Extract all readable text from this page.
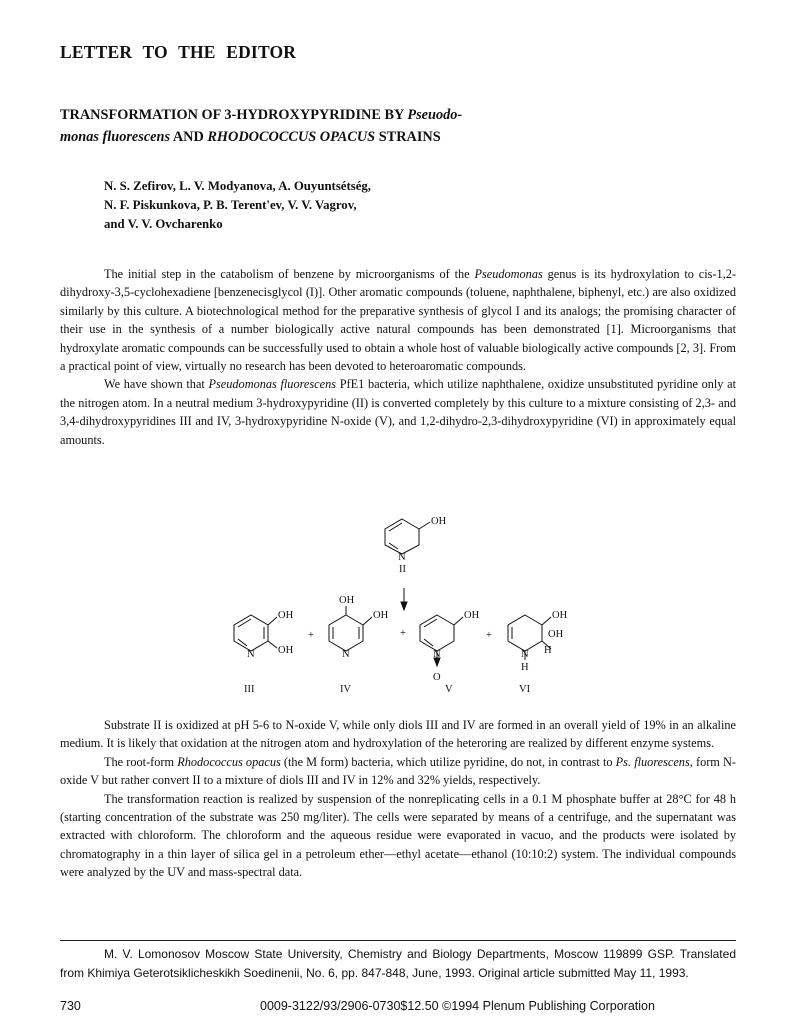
LETTER TO THE EDITOR
TRANSFORMATION OF 3-HYDROXYPYRIDINE BY Pseuodo-
monas fluorescens AND RHODOCOCCUS OPACUS STRAINS
N. S. Zefirov, L. V. Modyanova, A. Ouyuntsétség,
N. F. Piskunkova, P. B. Terent'ev, V. V. Vagrov,
and V. V. Ovcharenko

The initial step in the catabolism of benzene by microorganisms of the Pseudomonas genus is its hydroxylation to cis-1,2-dihydroxy-3,5-cyclohexadiene [benzenecisglycol (I)]. Other aromatic compounds (toluene, naphthalene, biphenyl, etc.) are also oxidized similarly by this culture. A biotechnological method for the preparative synthesis of glycol I and its analogs; the promising character of their use in the synthesis of a number biologically active natural compounds has been demonstrated [1]. Microorganisms that hydroxylate aromatic compounds can be successfully used to obtain a whole host of valuable biologically active compounds [2, 3]. From a practical point of view, virtually no research has been devoted to heteroaromatic compounds.

We have shown that Pseudomonas fluorescens PfE1 bacteria, which utilize naphthalene, oxidize unsubstituted pyridine only at the nitrogen atom. In a neutral medium 3-hydroxypyridine (II) is converted completely by this culture to a mixture consisting of 2,3- and 3,4-dihydroxypyridines III and IV, 3-hydroxypyridine N-oxide (V), and 1,2-dihydro-2,3-dihydroxypyridine (VI) in approximately equal amounts.

OH
N
II
OH
N OH
+
III
OH
OH
N
+
IV
OH
N
O
+
V
OH
OH
H
N
H
VI

Substrate II is oxidized at pH 5-6 to N-oxide V, while only diols III and IV are formed in an overall yield of 19% in an alkaline medium. It is likely that oxidation at the nitrogen atom and hydroxylation of the heteroring are realized by different enzyme systems.

The root-form Rhodococcus opacus (the M form) bacteria, which utilize pyridine, do not, in contrast to Ps. fluorescens, form N-oxide V but rather convert II to a mixture of diols III and IV in 12% and 32% yields, respectively.

The transformation reaction is realized by suspension of the nonreplicating cells in a 0.1 M phosphate buffer at 28°C for 48 h (starting concentration of the substrate was 250 mg/liter). The cells were separated by means of a centrifuge, and the supernatant was extracted with chloroform. The chloroform and the aqueous residue were evaporated in vacuo, and the products were isolated by chromatography in a thin layer of silica gel in a petroleum ether—ethyl acetate—ethanol (10:10:2) system. The individual compounds were analyzed by the UV and mass-spectral data.

M. V. Lomonosov Moscow State University, Chemistry and Biology Departments, Moscow 119899 GSP. Translated from Khimiya Geterotsiklicheskikh Soedinenii, No. 6, pp. 847-848, June, 1993. Original article submitted May 11, 1993.

730	0009-3122/93/2906-0730$12.50 ©1994 Plenum Publishing Corporation
